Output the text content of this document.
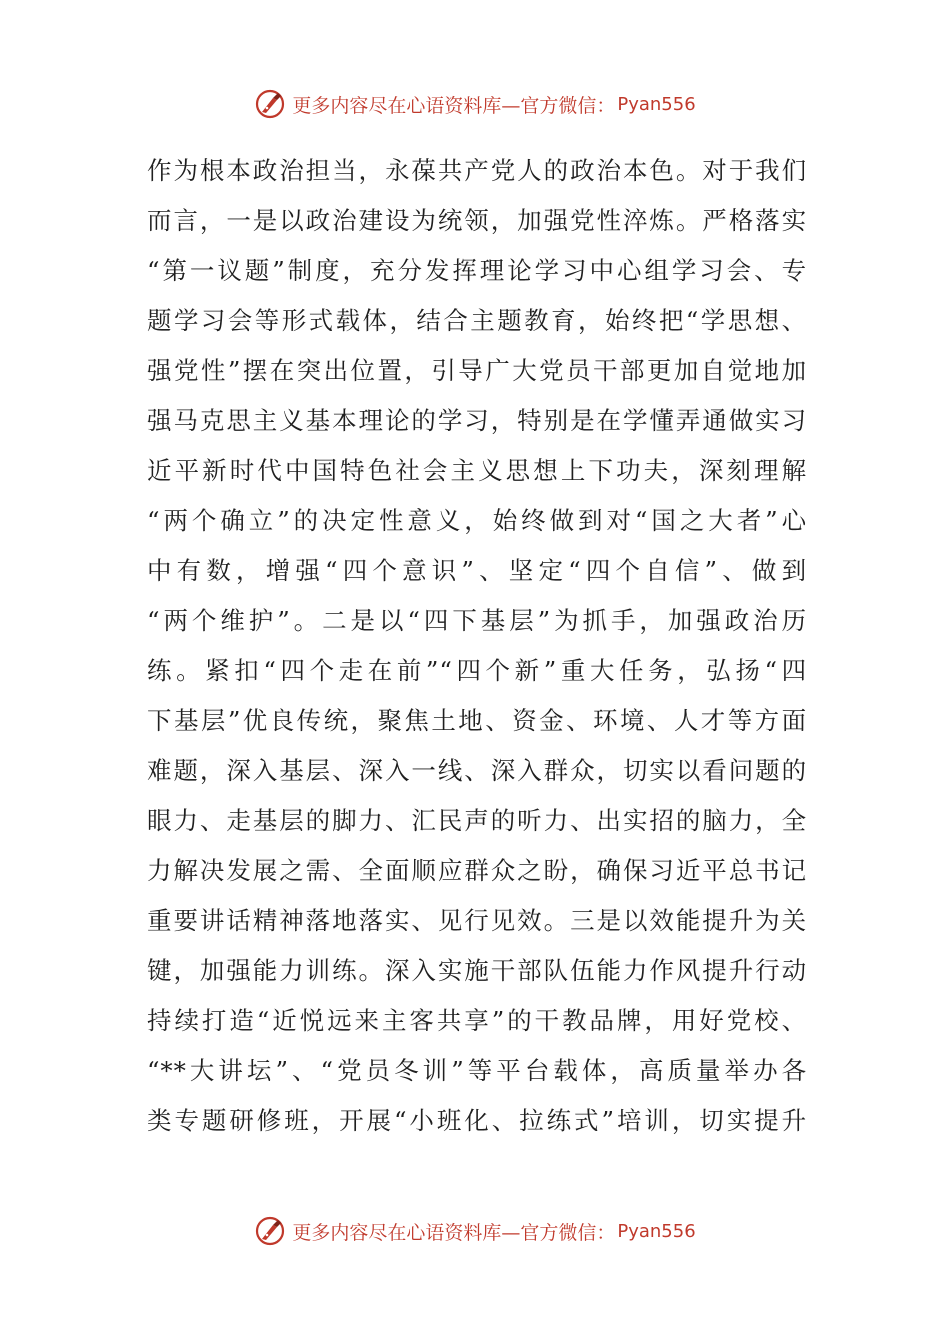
更多内容尽在心语资料库—官方微信： Pyan556
作为根本政治担当，永葆共产党人的政治本色。对于我们
而言，一是以政治建设为统领，加强党性淬炼。严格落实
“第一议题”制度，充分发挥理论学习中心组学习会、专
题学习会等形式载体，结合主题教育，始终把“学思想、
强党性”摆在突出位置，引导广大党员干部更加自觉地加
强马克思主义基本理论的学习，特别是在学懂弄通做实习
近平新时代中国特色社会主义思想上下功夫，深刻理解
“两个确立”的决定性意义，始终做到对“国之大者”心
中有数，增强“四个意识”、坚定“四个自信”、做到
“两个维护”。二是以“四下基层”为抓手，加强政治历
练。紧扣“四个走在前”“四个新”重大任务，弘扬“四
下基层”优良传统，聚焦土地、资金、环境、人才等方面
难题，深入基层、深入一线、深入群众，切实以看问题的
眼力、走基层的脚力、汇民声的听力、出实招的脑力，全
力解决发展之需、全面顺应群众之盼，确保习近平总书记
重要讲话精神落地落实、见行见效。三是以效能提升为关
键，加强能力训练。深入实施干部队伍能力作风提升行动
持续打造“近悦远来主客共享”的干教品牌，用好党校、
“**大讲坛”、“党员冬训”等平台载体，高质量举办各
类专题研修班，开展“小班化、拉练式”培训，切实提升
更多内容尽在心语资料库—官方微信： Pyan556
